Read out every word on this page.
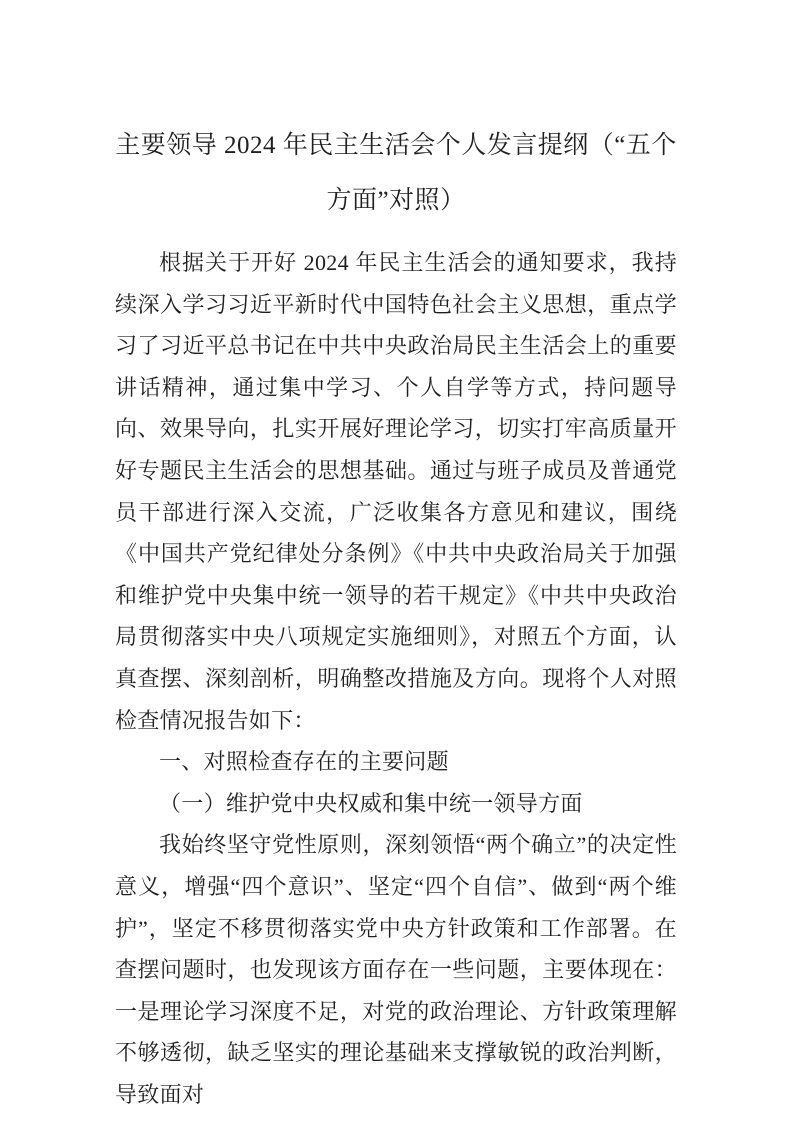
主要领导 2024 年民主生活会个人发言提纲（“五个方面”对照）

根据关于开好 2024 年民主生活会的通知要求，我持续深入学习习近平新时代中国特色社会主义思想，重点学习了习近平总书记在中共中央政治局民主生活会上的重要讲话精神，通过集中学习、个人自学等方式，持问题导向、效果导向，扎实开展好理论学习，切实打牢高质量开好专题民主生活会的思想基础。通过与班子成员及普通党员干部进行深入交流，广泛收集各方意见和建议，围绕《中国共产党纪律处分条例》《中共中央政治局关于加强和维护党中央集中统一领导的若干规定》《中共中央政治局贯彻落实中央八项规定实施细则》，对照五个方面，认真查摆、深刻剖析，明确整改措施及方向。现将个人对照检查情况报告如下：

一、对照检查存在的主要问题

（一）维护党中央权威和集中统一领导方面

我始终坚守党性原则，深刻领悟“两个确立”的决定性意义，增强“四个意识”、坚定“四个自信”、做到“两个维护”，坚定不移贯彻落实党中央方针政策和工作部署。在查摆问题时，也发现该方面存在一些问题，主要体现在：一是理论学习深度不足，对党的政治理论、方针政策理解不够透彻，缺乏坚实的理论基础来支撑敏锐的政治判断，导致面对
